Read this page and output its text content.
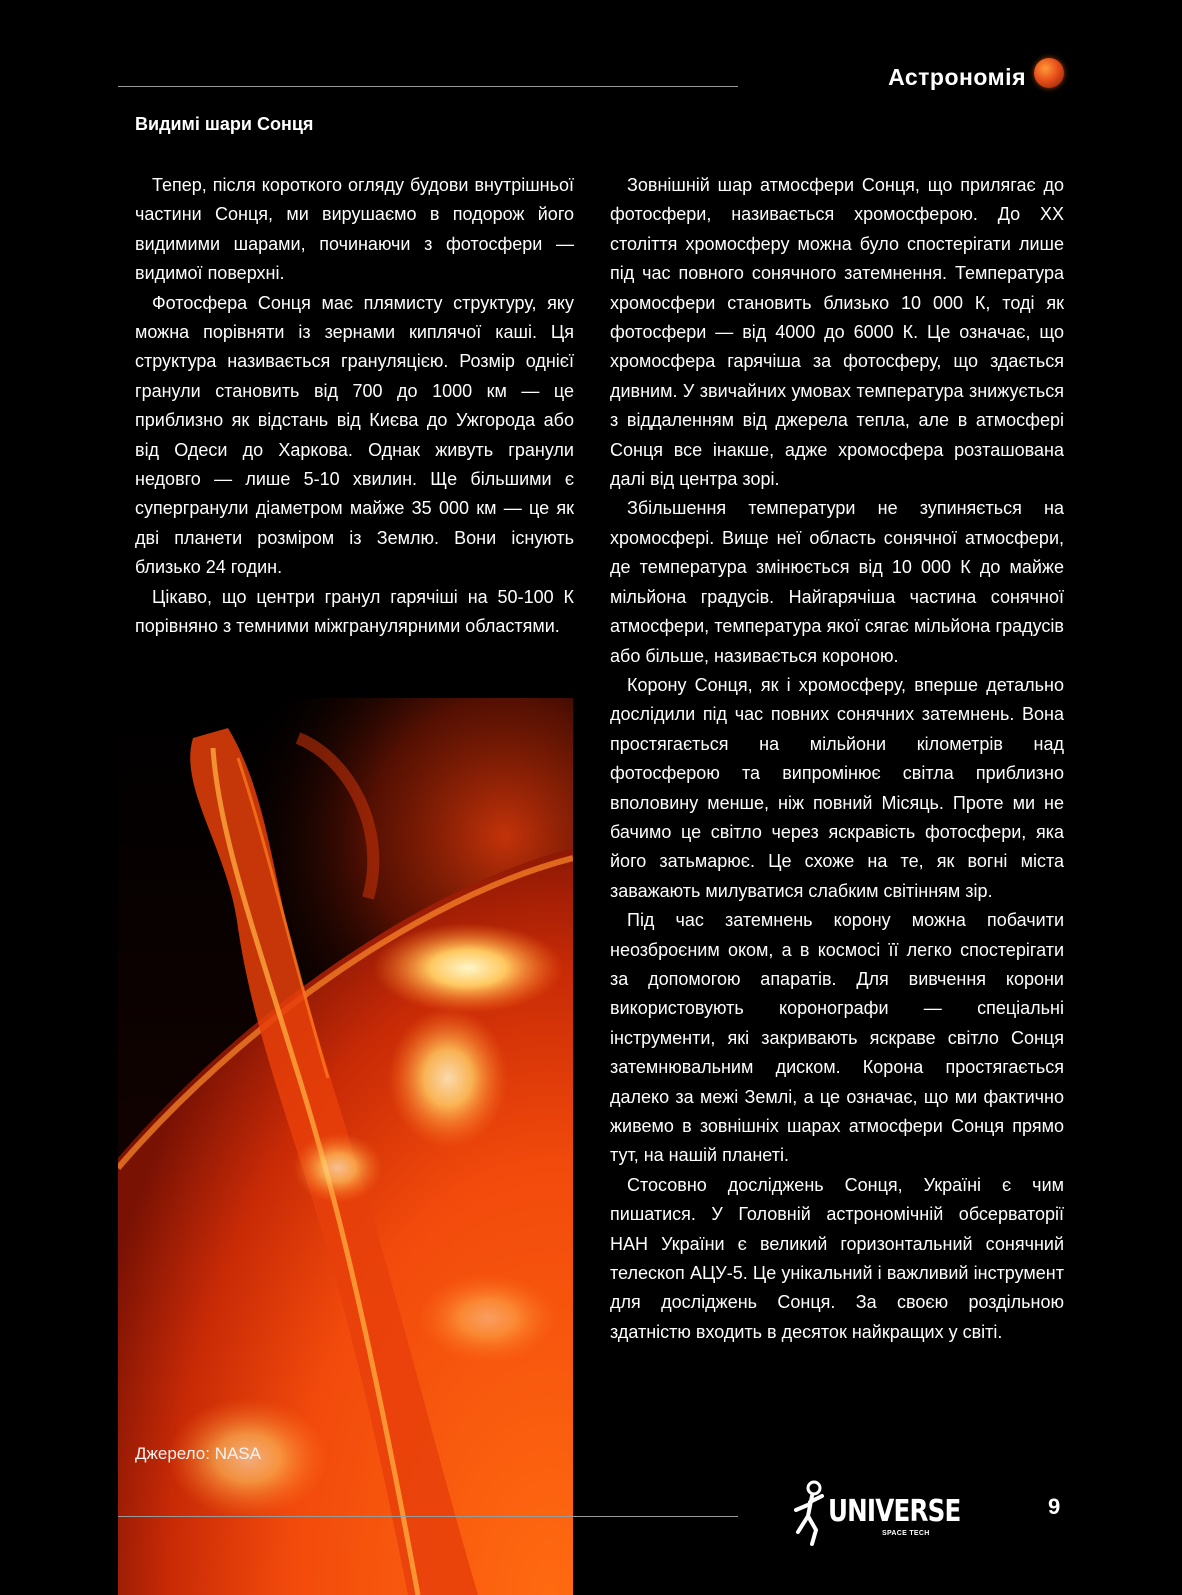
Астрономія
Видимі шари Сонця

Тепер, після короткого огляду будови внутрішньої частини Сонця, ми вирушаємо в подорож його видимими шарами, починаючи з фотосфери — видимої поверхні.

Фотосфера Сонця має плямисту структуру, яку можна порівняти із зернами киплячої каші. Ця структура називається грануляцією. Розмір однієї гранули становить від 700 до 1000 км — це приблизно як відстань від Києва до Ужгорода або від Одеси до Харкова. Однак живуть гранули недовго — лише 5-10 хвилин. Ще більшими є супергранули діаметром майже 35 000 км — це як дві планети розміром із Землю. Вони існують близько 24 годин.

Цікаво, що центри гранул гарячіші на 50-100 К порівняно з темними міжгранулярними областями.

Зовнішній шар атмосфери Сонця, що прилягає до фотосфери, називається хромосферою. До XX століття хромосферу можна було спостерігати лише під час повного сонячного затемнення. Температура хромосфери становить близько 10 000 К, тоді як фотосфери — від 4000 до 6000 К. Це означає, що хромосфера гарячіша за фотосферу, що здається дивним. У звичайних умовах температура знижується з віддаленням від джерела тепла, але в атмосфері Сонця все інакше, адже хромосфера розташована далі від центра зорі.

Збільшення температури не зупиняється на хромосфері. Вище неї область сонячної атмосфери, де температура змінюється від 10 000 К до майже мільйона градусів. Найгарячіша частина сонячної атмосфери, температура якої сягає мільйона градусів або більше, називається короною.

Корону Сонця, як і хромосферу, вперше детально дослідили під час повних сонячних затемнень. Вона простягається на мільйони кілометрів над фотосферою та випромінює світла приблизно вполовину менше, ніж повний Місяць. Проте ми не бачимо це світло через яскравість фотосфери, яка його затьмарює. Це схоже на те, як вогні міста заважають милуватися слабким світінням зір.

Під час затемнень корону можна побачити неозброєним оком, а в космосі її легко спостерігати за допомогою апаратів. Для вивчення корони використовують коронографи — спеціальні інструменти, які закривають яскраве світло Сонця затемнювальним диском. Корона простягається далеко за межі Землі, а це означає, що ми фактично живемо в зовнішніх шарах атмосфери Сонця прямо тут, на нашій планеті.

Стосовно досліджень Сонця, Україні є чим пишатися. У Головній астрономічній обсерваторії НАН України є великий горизонтальний сонячний телескоп АЦУ-5. Це унікальний і важливий інструмент для досліджень Сонця. За своєю роздільною здатністю входить в десяток найкращих у світі.

Джерело: NASA
UNIVERSE
SPACE TECH
9
